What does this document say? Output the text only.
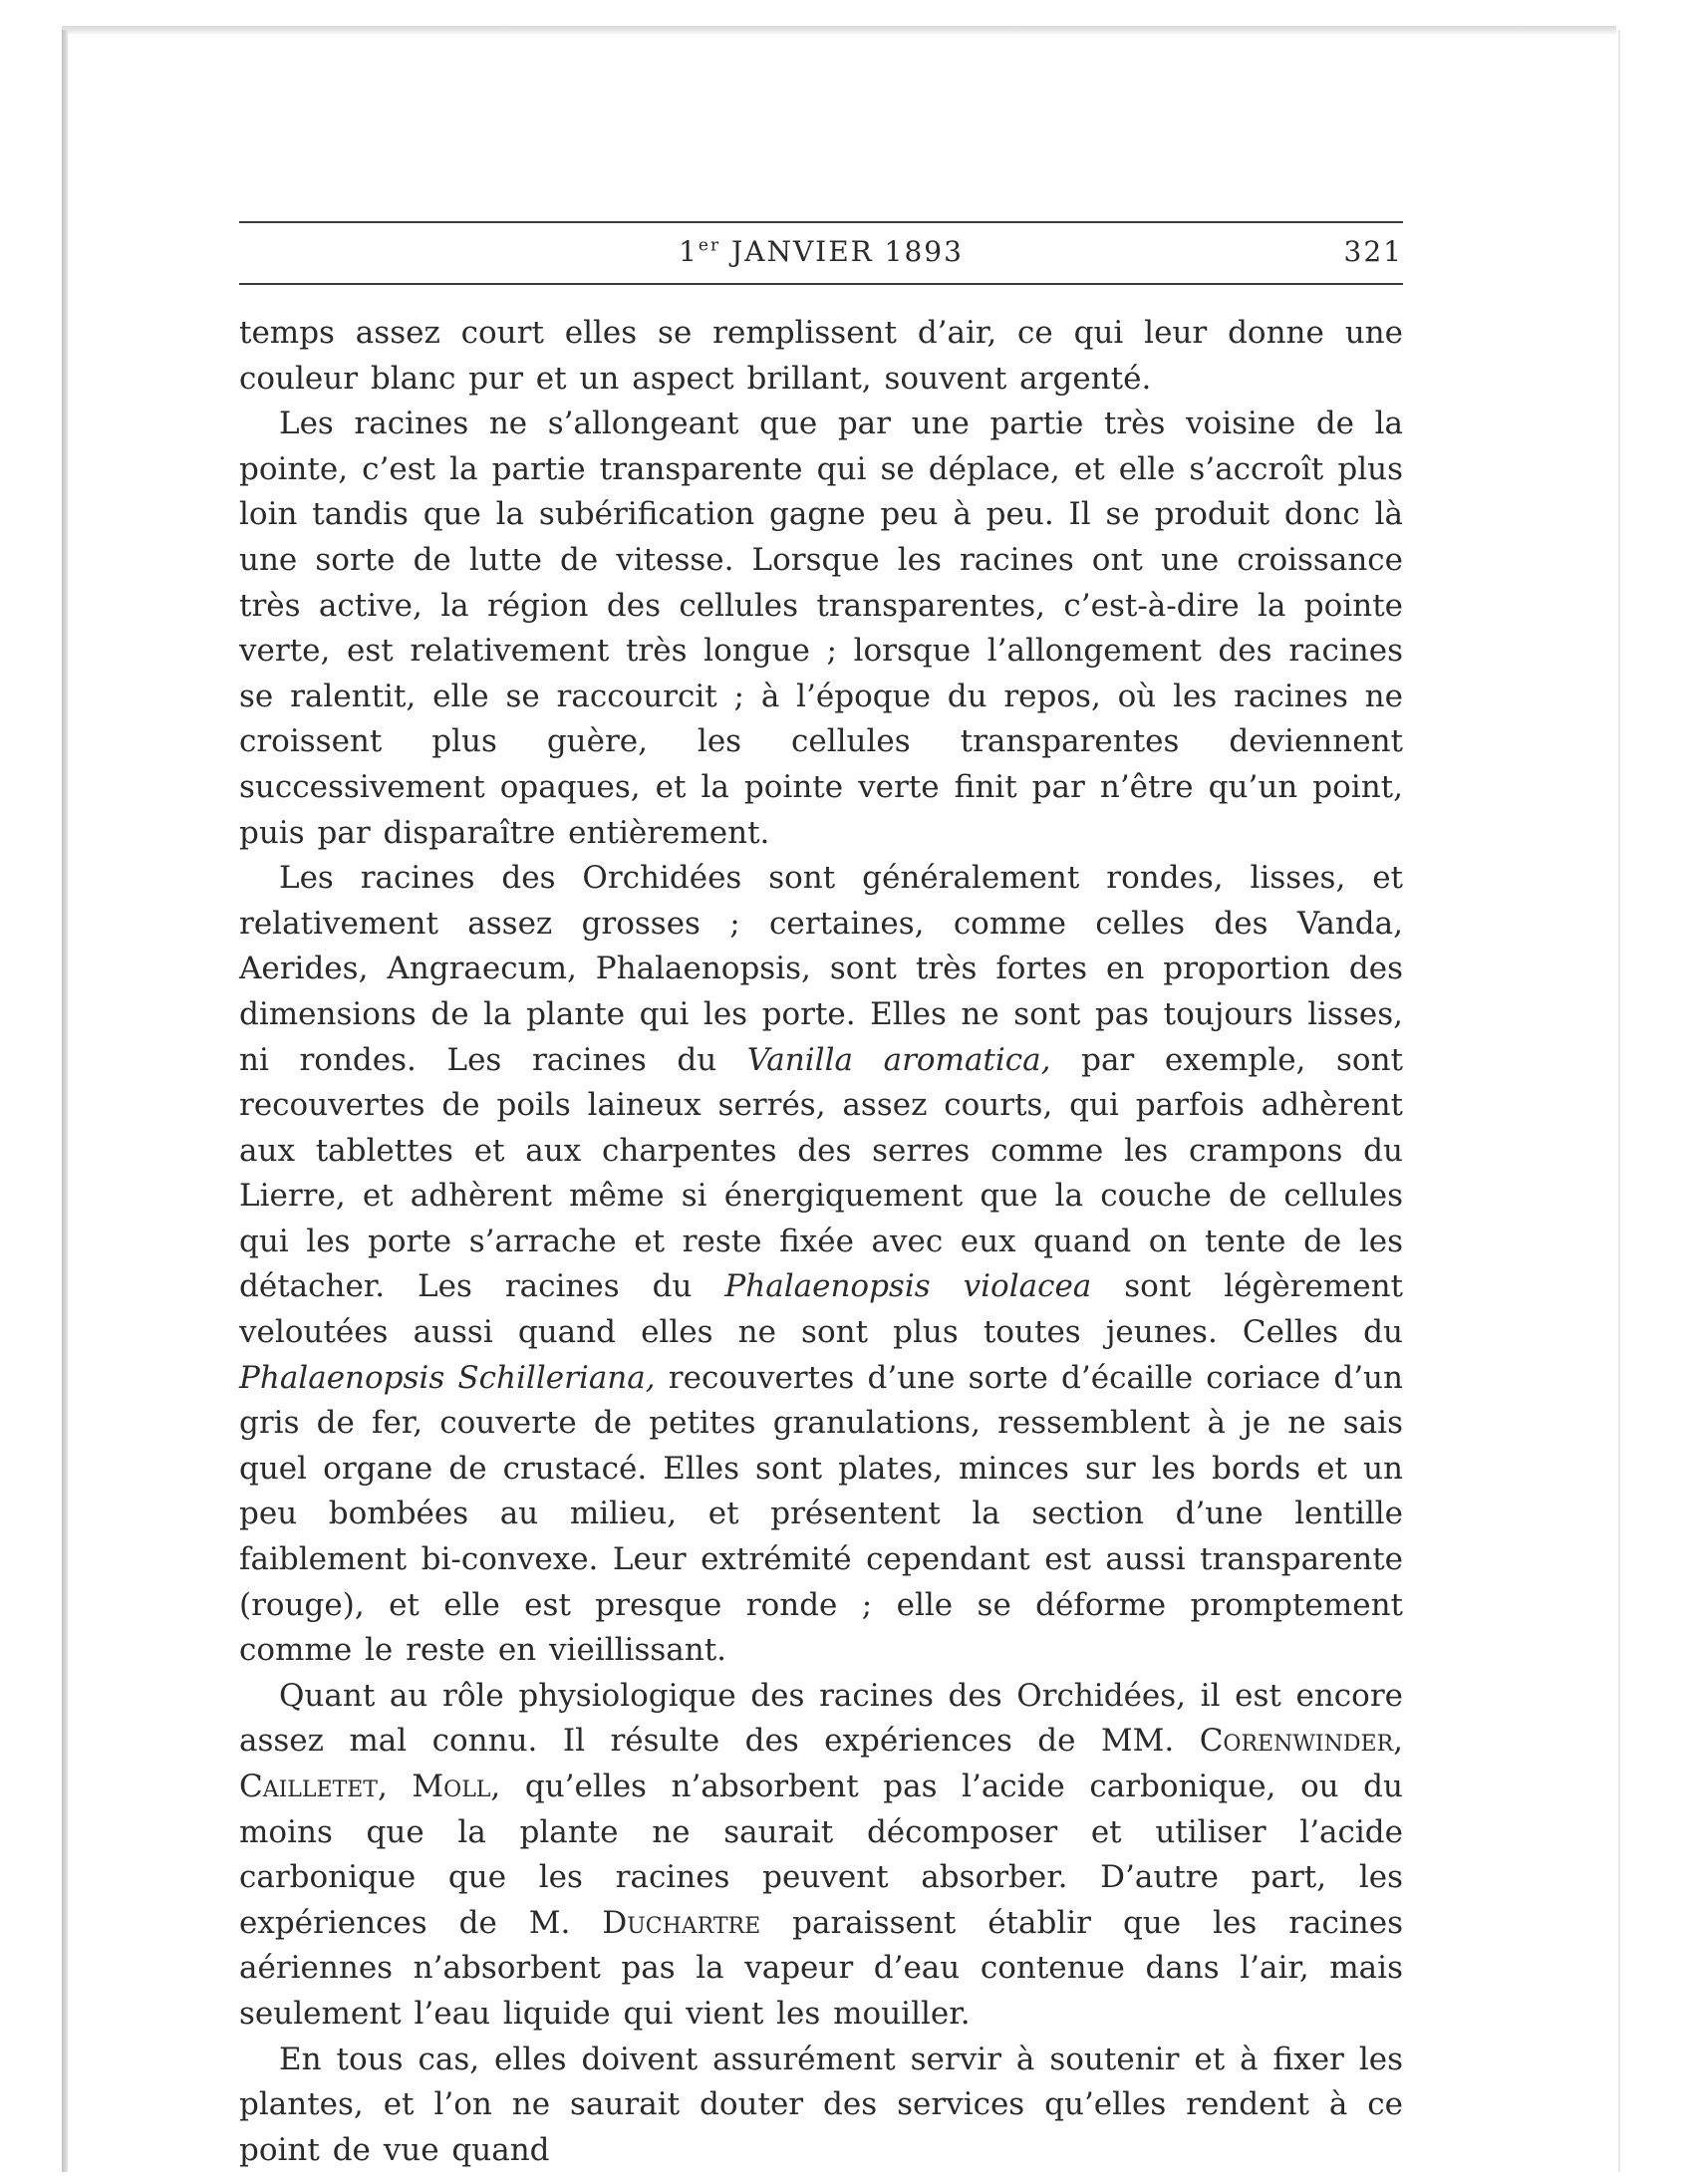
1er JANVIER 1893	321

temps assez court elles se remplissent d’air, ce qui leur donne une couleur blanc pur et un aspect brillant, souvent argenté.

Les racines ne s’allongeant que par une partie très voisine de la pointe, c’est la partie transparente qui se déplace, et elle s’accroît plus loin tandis que la subérification gagne peu à peu. Il se produit donc là une sorte de lutte de vitesse. Lorsque les racines ont une croissance très active, la région des cellules transparentes, c’est-à-dire la pointe verte, est relativement très longue ; lorsque l’allongement des racines se ralentit, elle se raccourcit ; à l’époque du repos, où les racines ne croissent plus guère, les cellules transparentes deviennent successivement opaques, et la pointe verte finit par n’être qu’un point, puis par disparaître entièrement.

Les racines des Orchidées sont généralement rondes, lisses, et relativement assez grosses ; certaines, comme celles des Vanda, Aerides, Angraecum, Phalaenopsis, sont très fortes en proportion des dimensions de la plante qui les porte. Elles ne sont pas toujours lisses, ni rondes. Les racines du Vanilla aromatica, par exemple, sont recouvertes de poils laineux serrés, assez courts, qui parfois adhèrent aux tablettes et aux charpentes des serres comme les crampons du Lierre, et adhèrent même si énergiquement que la couche de cellules qui les porte s’arrache et reste fixée avec eux quand on tente de les détacher. Les racines du Phalaenopsis violacea sont légèrement veloutées aussi quand elles ne sont plus toutes jeunes. Celles du Phalaenopsis Schilleriana, recouvertes d’une sorte d’écaille coriace d’un gris de fer, couverte de petites granulations, ressemblent à je ne sais quel organe de crustacé. Elles sont plates, minces sur les bords et un peu bombées au milieu, et présentent la section d’une lentille faiblement bi-convexe. Leur extrémité cependant est aussi transparente (rouge), et elle est presque ronde ; elle se déforme promptement comme le reste en vieillissant.

Quant au rôle physiologique des racines des Orchidées, il est encore assez mal connu. Il résulte des expériences de MM. Corenwinder, Cailletet, Moll, qu’elles n’absorbent pas l’acide carbonique, ou du moins que la plante ne saurait décomposer et utiliser l’acide carbonique que les racines peuvent absorber. D’autre part, les expériences de M. Duchartre paraissent établir que les racines aériennes n’absorbent pas la vapeur d’eau contenue dans l’air, mais seulement l’eau liquide qui vient les mouiller.

En tous cas, elles doivent assurément servir à soutenir et à fixer les plantes, et l’on ne saurait douter des services qu’elles rendent à ce point de vue quand
